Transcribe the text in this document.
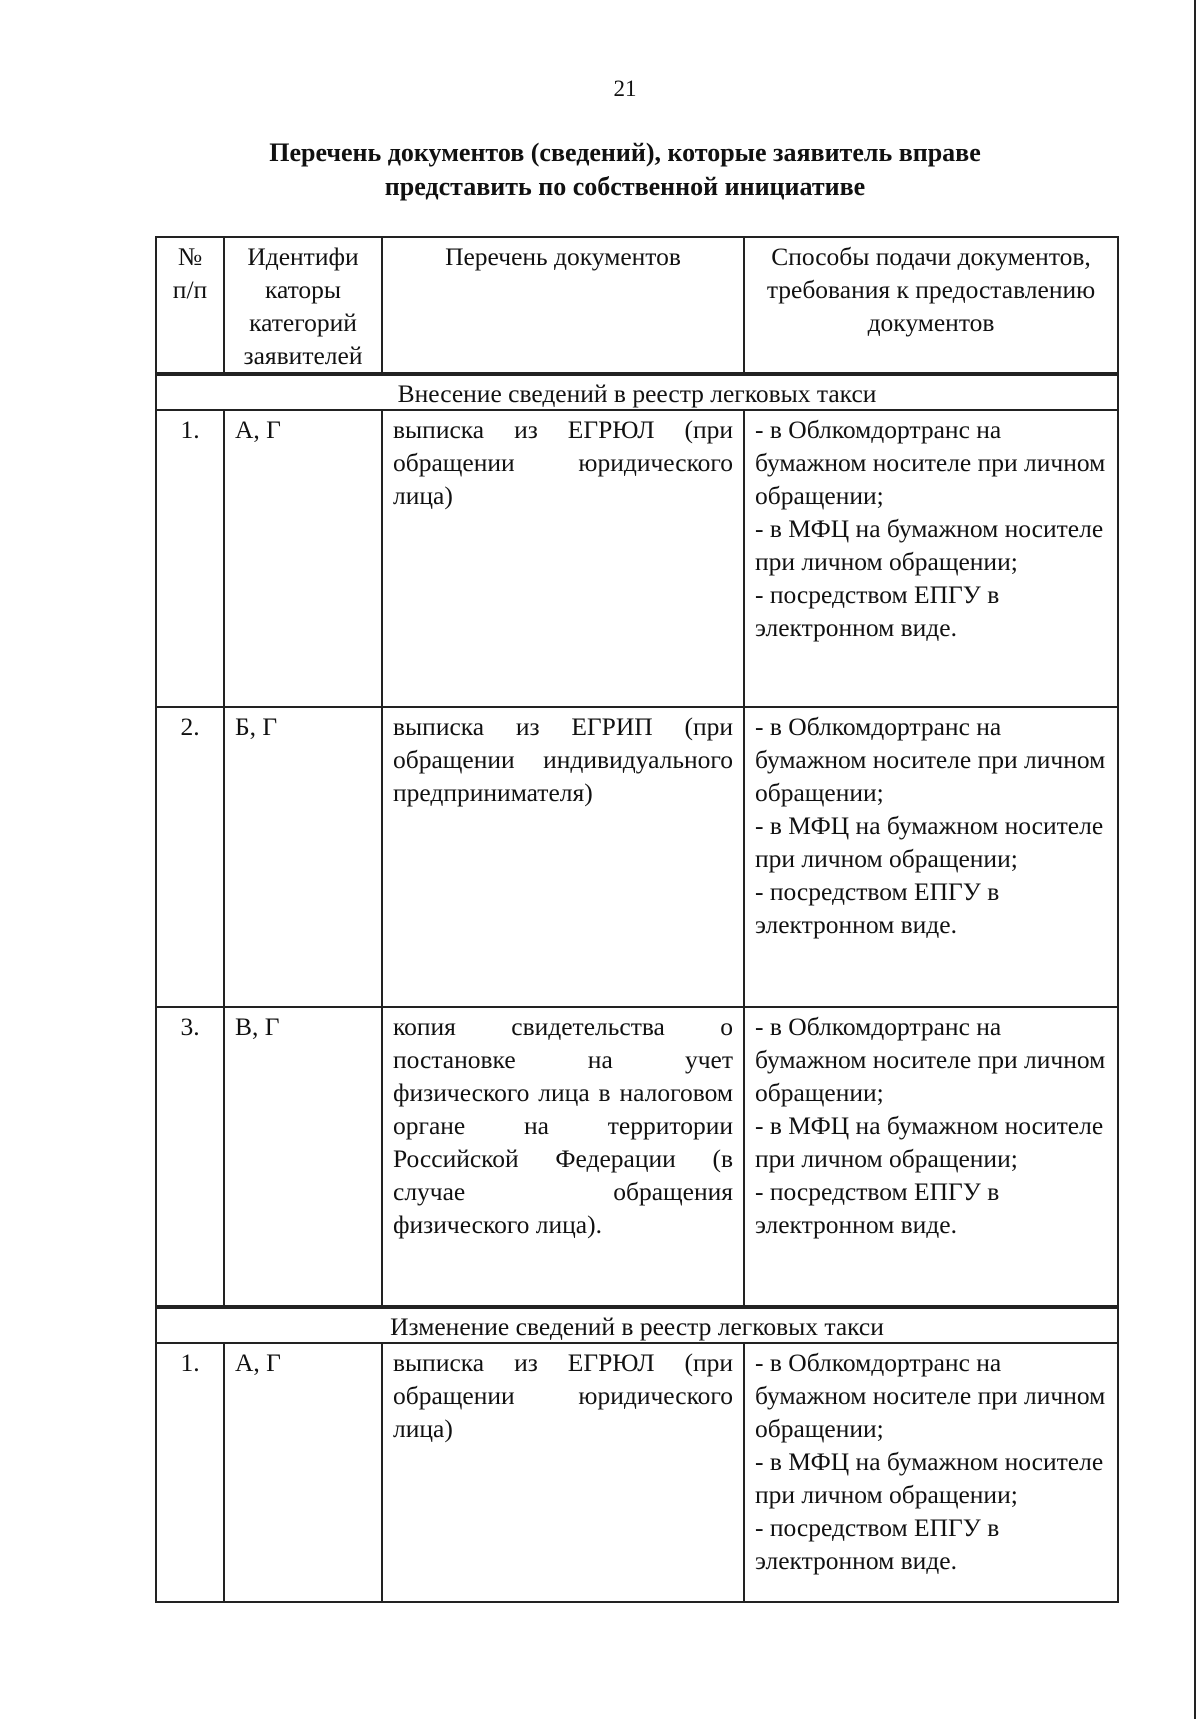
21
Перечень документов (сведений), которые заявитель вправе
представить по собственной инициативе
№ п/п	Идентифи каторы категорий заявителей	Перечень документов	Способы подачи документов, требования к предоставлению документов
Внесение сведений в реестр легковых такси			
1.	А, Г	выписка из ЕГРЮЛ (при обращении юридического лица)	- в Облкомдортранс на бумажном носителе при личном обращении;
- в МФЦ на бумажном носителе при личном обращении;
- посредством ЕПГУ в электронном виде.

2.	Б, Г	выписка из ЕГРИП (при обращении индивидуального предпринимателя)	- в Облкомдортранс на бумажном носителе при личном обращении;
- в МФЦ на бумажном носителе при личном обращении;
- посредством ЕПГУ в электронном виде.

3.	В, Г	копия свидетельства о постановке на учет физического лица в налоговом органе на территории Российской Федерации (в случае обращения физического лица).	- в Облкомдортранс на бумажном носителе при личном обращении;
- в МФЦ на бумажном носителе при личном обращении;
- посредством ЕПГУ в электронном виде.

Изменение сведений в реестр легковых такси			
1.	А, Г	выписка из ЕГРЮЛ (при обращении юридического лица)	- в Облкомдортранс на бумажном носителе при личном обращении;
- в МФЦ на бумажном носителе при личном обращении;
- посредством ЕПГУ в электронном виде.
